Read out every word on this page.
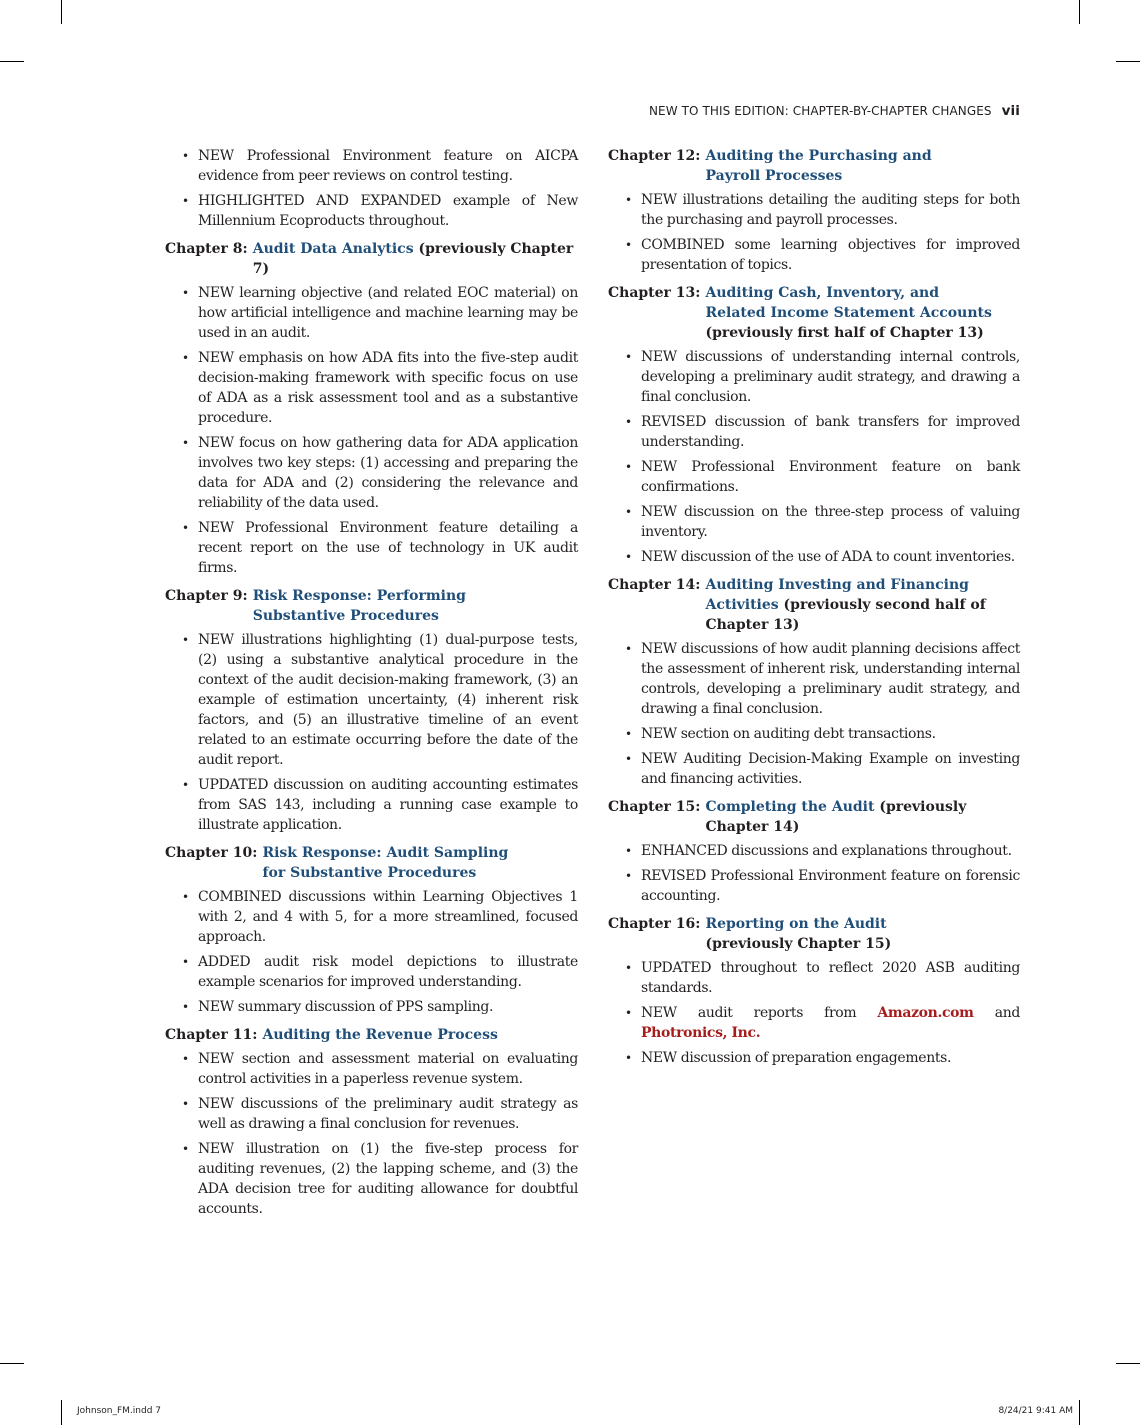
NEW TO THIS EDITION: CHAPTER-BY-CHAPTER CHANGES vii
• NEW Professional Environment feature on AICPA evidence from peer reviews on control testing.
• HIGHLIGHTED AND EXPANDED example of New Millennium Ecoproducts throughout.
Chapter 8: Audit Data Analytics (previously Chapter 7)
• NEW learning objective (and related EOC material) on how artificial intelligence and machine learning may be used in an audit.
• NEW emphasis on how ADA fits into the five-step audit decision-making framework with specific focus on use of ADA as a risk assessment tool and as a substantive procedure.
• NEW focus on how gathering data for ADA application involves two key steps: (1) accessing and preparing the data for ADA and (2) considering the relevance and reliability of the data used.
• NEW Professional Environment feature detailing a recent report on the use of technology in UK audit firms.
Chapter 9: Risk Response: Performing Substantive Procedures
• NEW illustrations highlighting (1) dual-purpose tests, (2) using a substantive analytical procedure in the context of the audit decision-making framework, (3) an example of estimation uncertainty, (4) inherent risk factors, and (5) an illustrative timeline of an event related to an estimate occurring before the date of the audit report.
• UPDATED discussion on auditing accounting estimates from SAS 143, including a running case example to illustrate application.
Chapter 10: Risk Response: Audit Sampling for Substantive Procedures
• COMBINED discussions within Learning Objectives 1 with 2, and 4 with 5, for a more streamlined, focused approach.
• ADDED audit risk model depictions to illustrate example scenarios for improved understanding.
• NEW summary discussion of PPS sampling.
Chapter 11: Auditing the Revenue Process
• NEW section and assessment material on evaluating control activities in a paperless revenue system.
• NEW discussions of the preliminary audit strategy as well as drawing a final conclusion for revenues.
• NEW illustration on (1) the five-step process for auditing revenues, (2) the lapping scheme, and (3) the ADA decision tree for auditing allowance for doubtful accounts.
Chapter 12: Auditing the Purchasing and Payroll Processes
• NEW illustrations detailing the auditing steps for both the purchasing and payroll processes.
• COMBINED some learning objectives for improved presentation of topics.
Chapter 13: Auditing Cash, Inventory, and Related Income Statement Accounts (previously first half of Chapter 13)
• NEW discussions of understanding internal controls, developing a preliminary audit strategy, and drawing a final conclusion.
• REVISED discussion of bank transfers for improved understanding.
• NEW Professional Environment feature on bank confirmations.
• NEW discussion on the three-step process of valuing inventory.
• NEW discussion of the use of ADA to count inventories.
Chapter 14: Auditing Investing and Financing Activities (previously second half of Chapter 13)
• NEW discussions of how audit planning decisions affect the assessment of inherent risk, understanding internal controls, developing a preliminary audit strategy, and drawing a final conclusion.
• NEW section on auditing debt transactions.
• NEW Auditing Decision-Making Example on investing and financing activities.
Chapter 15: Completing the Audit (previously Chapter 14)
• ENHANCED discussions and explanations throughout.
• REVISED Professional Environment feature on forensic accounting.
Chapter 16: Reporting on the Audit (previously Chapter 15)
• UPDATED throughout to reflect 2020 ASB auditing standards.
• NEW audit reports from Amazon.com and Photronics, Inc.
• NEW discussion of preparation engagements.
Johnson_FM.indd 7	8/24/21 9:41 AM
